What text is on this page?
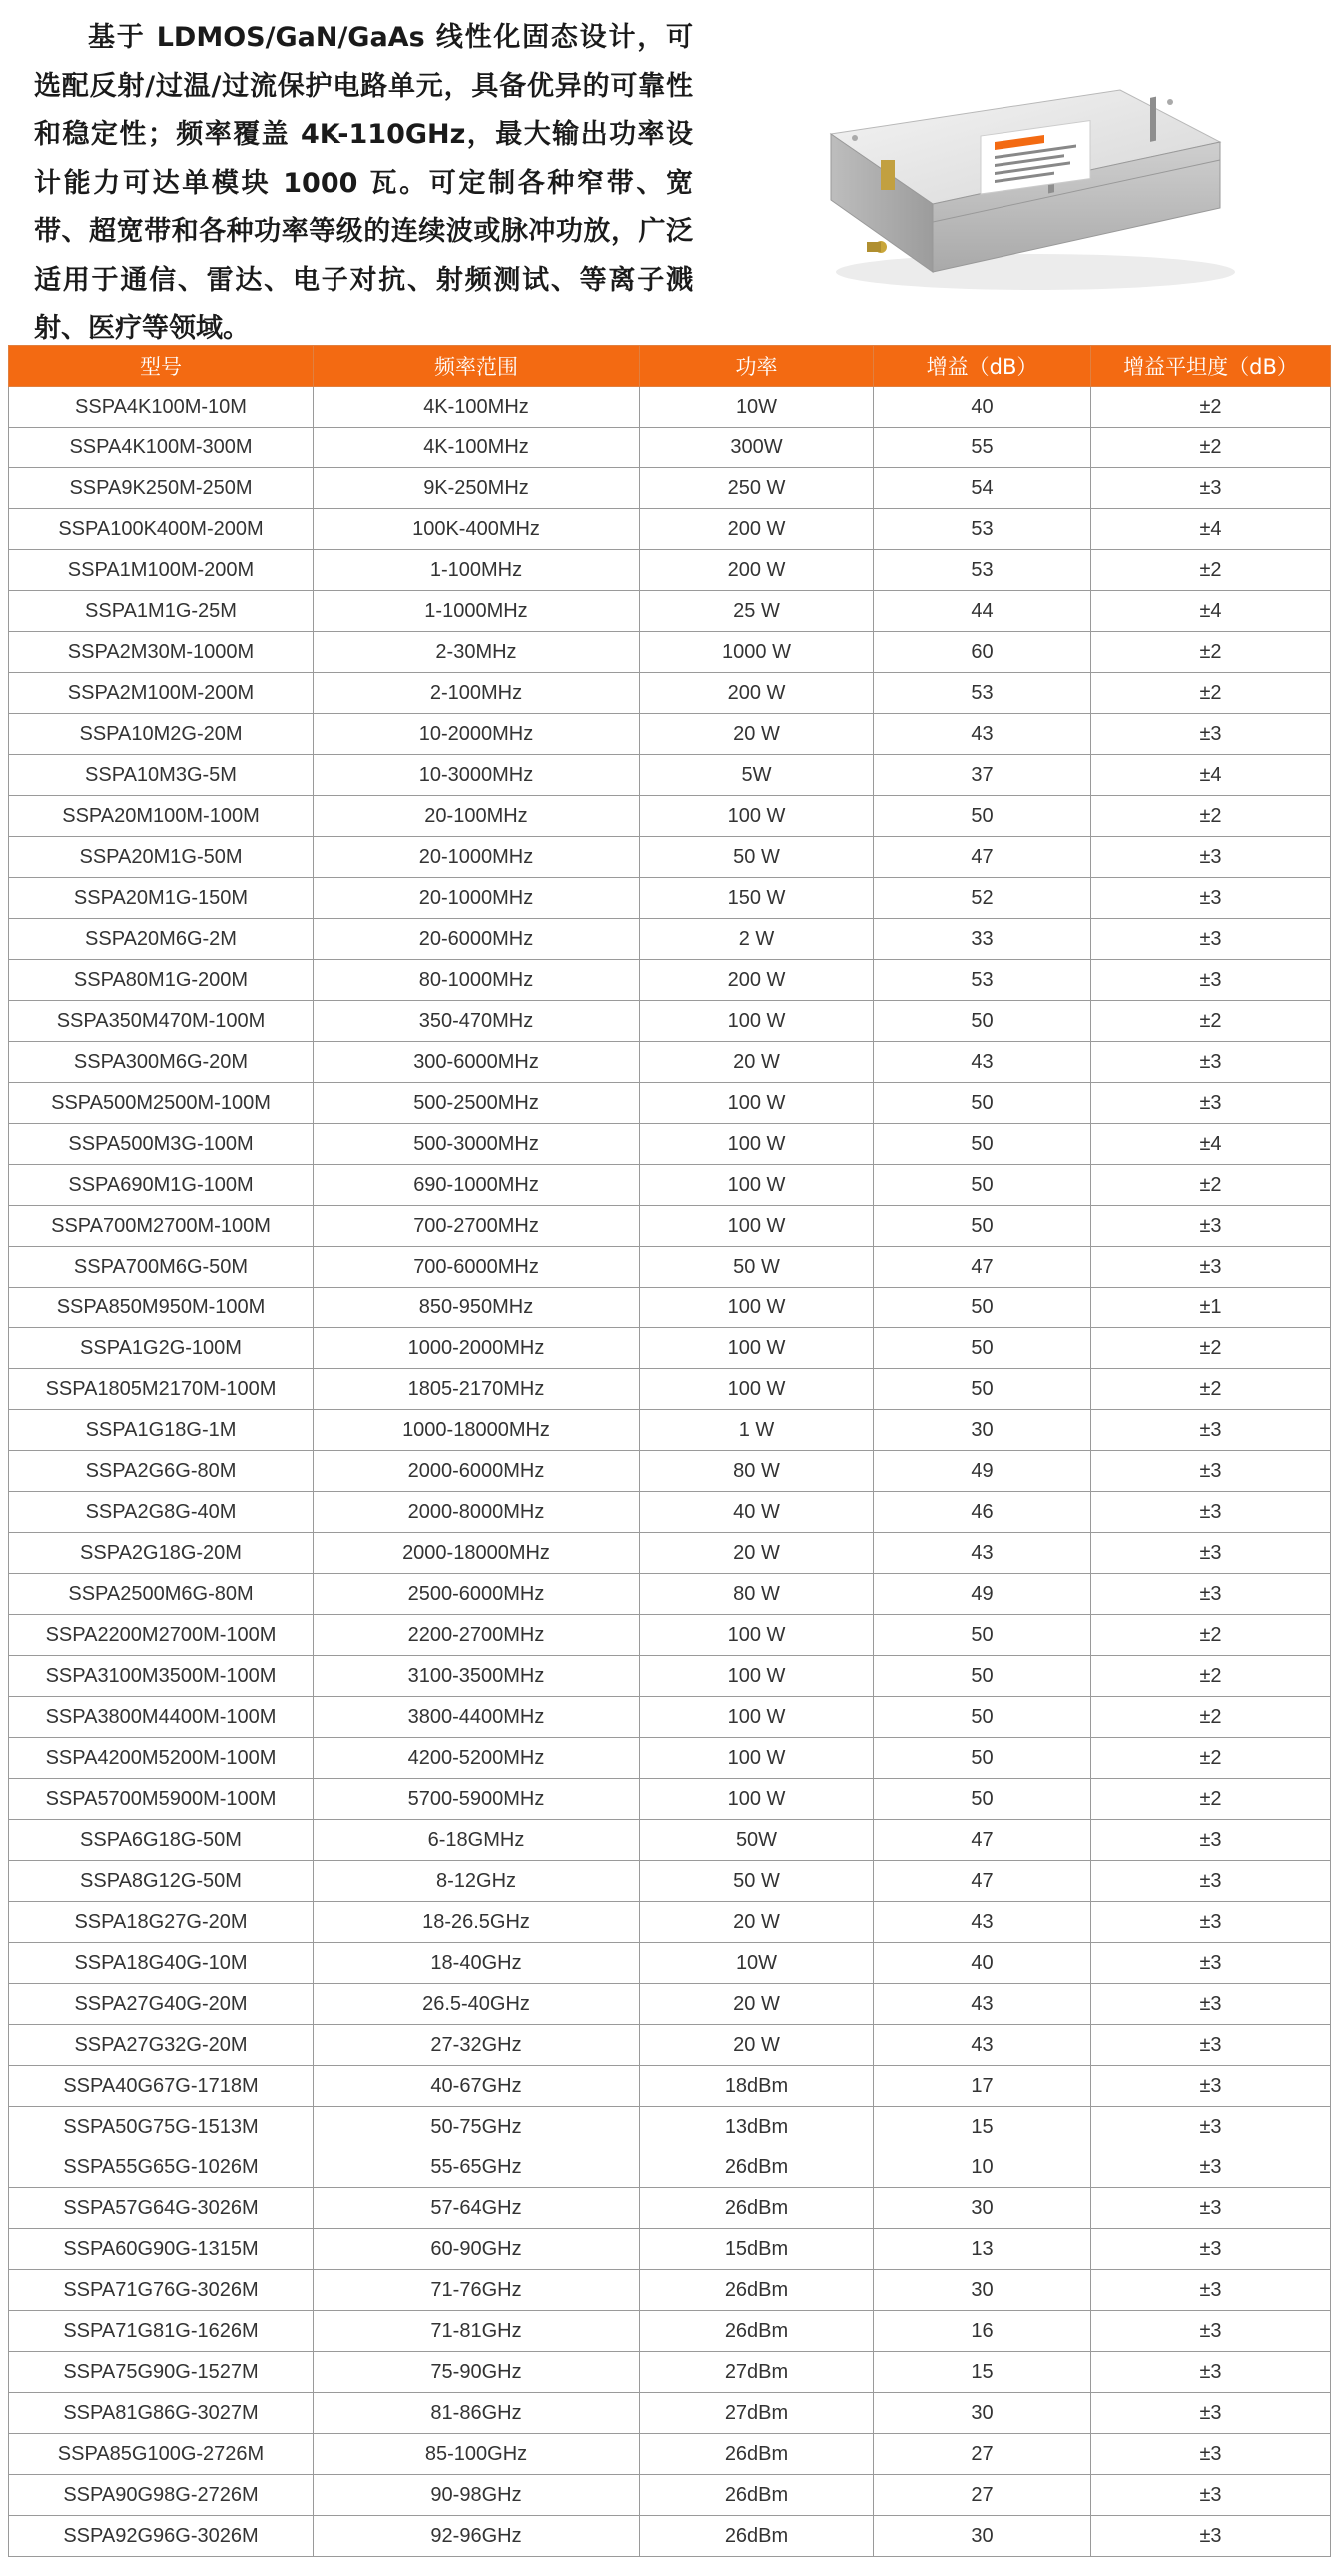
基于 LDMOS/GaN/GaAs 线性化固态设计，可选配反射/过温/过流保护电路单元，具备优异的可靠性和稳定性；频率覆盖 4K-110GHz，最大输出功率设计能力可达单模块 1000 瓦。可定制各种窄带、宽带、超宽带和各种功率等级的连续波或脉冲功放，广泛适用于通信、雷达、电子对抗、射频测试、等离子溅射、医疗等领域。

型号	频率范围	功率	增益（dB）	增益平坦度（dB）
SSPA4K100M-10M	4K-100MHz	10W	40	±2
SSPA4K100M-300M	4K-100MHz	300W	55	±2
SSPA9K250M-250M	9K-250MHz	250 W	54	±3
SSPA100K400M-200M	100K-400MHz	200 W	53	±4
SSPA1M100M-200M	1-100MHz	200 W	53	±2
SSPA1M1G-25M	1-1000MHz	25 W	44	±4
SSPA2M30M-1000M	2-30MHz	1000 W	60	±2
SSPA2M100M-200M	2-100MHz	200 W	53	±2
SSPA10M2G-20M	10-2000MHz	20 W	43	±3
SSPA10M3G-5M	10-3000MHz	5W	37	±4
SSPA20M100M-100M	20-100MHz	100 W	50	±2
SSPA20M1G-50M	20-1000MHz	50 W	47	±3
SSPA20M1G-150M	20-1000MHz	150 W	52	±3
SSPA20M6G-2M	20-6000MHz	2 W	33	±3
SSPA80M1G-200M	80-1000MHz	200 W	53	±3
SSPA350M470M-100M	350-470MHz	100 W	50	±2
SSPA300M6G-20M	300-6000MHz	20 W	43	±3
SSPA500M2500M-100M	500-2500MHz	100 W	50	±3
SSPA500M3G-100M	500-3000MHz	100 W	50	±4
SSPA690M1G-100M	690-1000MHz	100 W	50	±2
SSPA700M2700M-100M	700-2700MHz	100 W	50	±3
SSPA700M6G-50M	700-6000MHz	50 W	47	±3
SSPA850M950M-100M	850-950MHz	100 W	50	±1
SSPA1G2G-100M	1000-2000MHz	100 W	50	±2
SSPA1805M2170M-100M	1805-2170MHz	100 W	50	±2
SSPA1G18G-1M	1000-18000MHz	1 W	30	±3
SSPA2G6G-80M	2000-6000MHz	80 W	49	±3
SSPA2G8G-40M	2000-8000MHz	40 W	46	±3
SSPA2G18G-20M	2000-18000MHz	20 W	43	±3
SSPA2500M6G-80M	2500-6000MHz	80 W	49	±3
SSPA2200M2700M-100M	2200-2700MHz	100 W	50	±2
SSPA3100M3500M-100M	3100-3500MHz	100 W	50	±2
SSPA3800M4400M-100M	3800-4400MHz	100 W	50	±2
SSPA4200M5200M-100M	4200-5200MHz	100 W	50	±2
SSPA5700M5900M-100M	5700-5900MHz	100 W	50	±2
SSPA6G18G-50M	6-18GMHz	50W	47	±3
SSPA8G12G-50M	8-12GHz	50 W	47	±3
SSPA18G27G-20M	18-26.5GHz	20 W	43	±3
SSPA18G40G-10M	18-40GHz	10W	40	±3
SSPA27G40G-20M	26.5-40GHz	20 W	43	±3
SSPA27G32G-20M	27-32GHz	20 W	43	±3
SSPA40G67G-1718M	40-67GHz	18dBm	17	±3
SSPA50G75G-1513M	50-75GHz	13dBm	15	±3
SSPA55G65G-1026M	55-65GHz	26dBm	10	±3
SSPA57G64G-3026M	57-64GHz	26dBm	30	±3
SSPA60G90G-1315M	60-90GHz	15dBm	13	±3
SSPA71G76G-3026M	71-76GHz	26dBm	30	±3
SSPA71G81G-1626M	71-81GHz	26dBm	16	±3
SSPA75G90G-1527M	75-90GHz	27dBm	15	±3
SSPA81G86G-3027M	81-86GHz	27dBm	30	±3
SSPA85G100G-2726M	85-100GHz	26dBm	27	±3
SSPA90G98G-2726M	90-98GHz	26dBm	27	±3
SSPA92G96G-3026M	92-96GHz	26dBm	30	±3
